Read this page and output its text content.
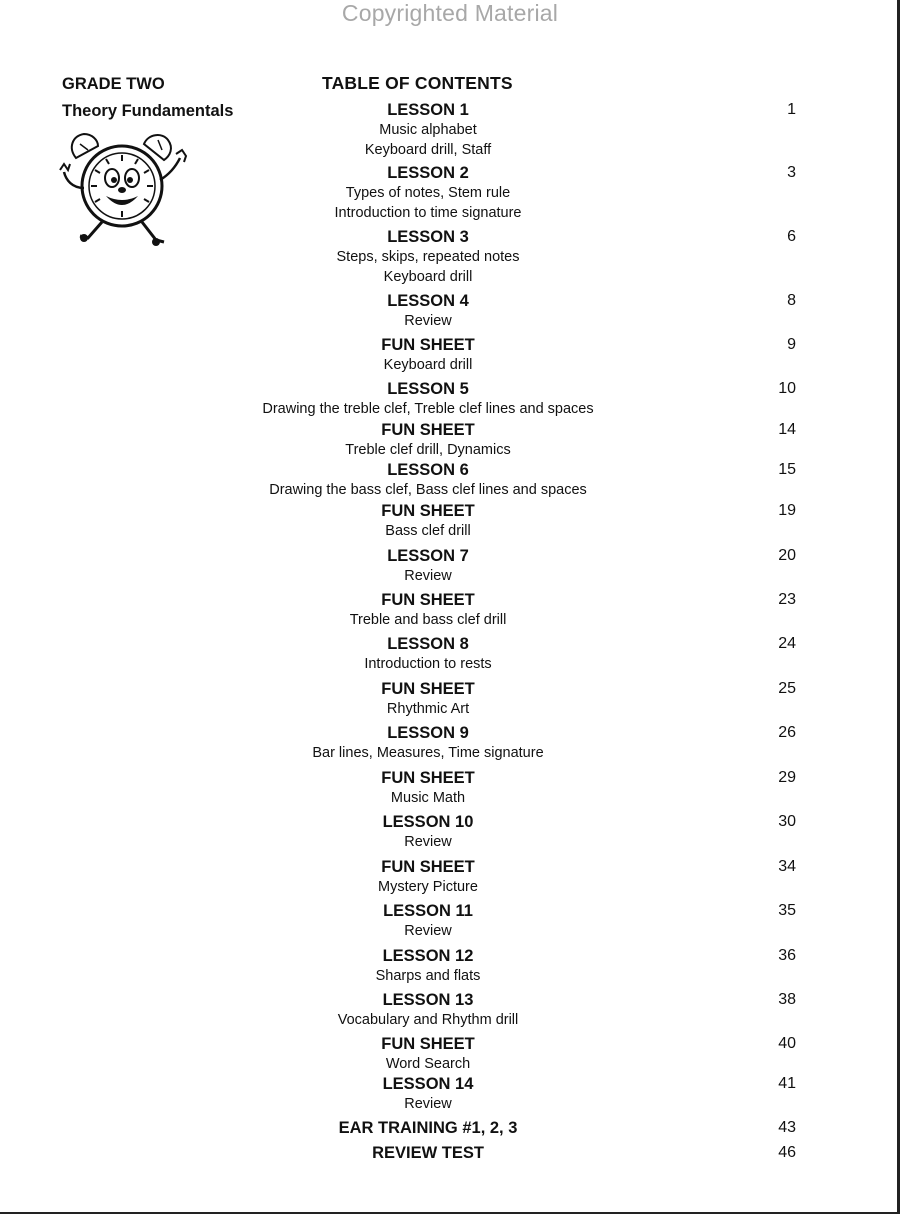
Copyrighted Material
GRADE TWO
Theory Fundamentals
TABLE OF CONTENTS
LESSON 1
Music alphabet
Keyboard drill, Staff
1
LESSON 2
Types of notes, Stem rule
Introduction to time signature
3
LESSON 3
Steps, skips, repeated notes
Keyboard drill
6
LESSON 4
Review
8
FUN SHEET
Keyboard drill
9
LESSON 5
Drawing the treble clef, Treble clef lines and spaces
10
FUN SHEET
Treble clef drill, Dynamics
14
LESSON 6
Drawing the bass clef, Bass clef lines and spaces
15
FUN SHEET
Bass clef drill
19
LESSON 7
Review
20
FUN SHEET
Treble and bass clef drill
23
LESSON 8
Introduction to rests
24
FUN SHEET
Rhythmic Art
25
LESSON 9
Bar lines, Measures, Time signature
26
FUN SHEET
Music Math
29
LESSON 10
Review
30
FUN SHEET
Mystery Picture
34
LESSON 11
Review
35
LESSON 12
Sharps and flats
36
LESSON 13
Vocabulary and Rhythm drill
38
FUN SHEET
Word Search
40
LESSON 14
Review
41
EAR TRAINING #1, 2, 3	43
REVIEW TEST	46
